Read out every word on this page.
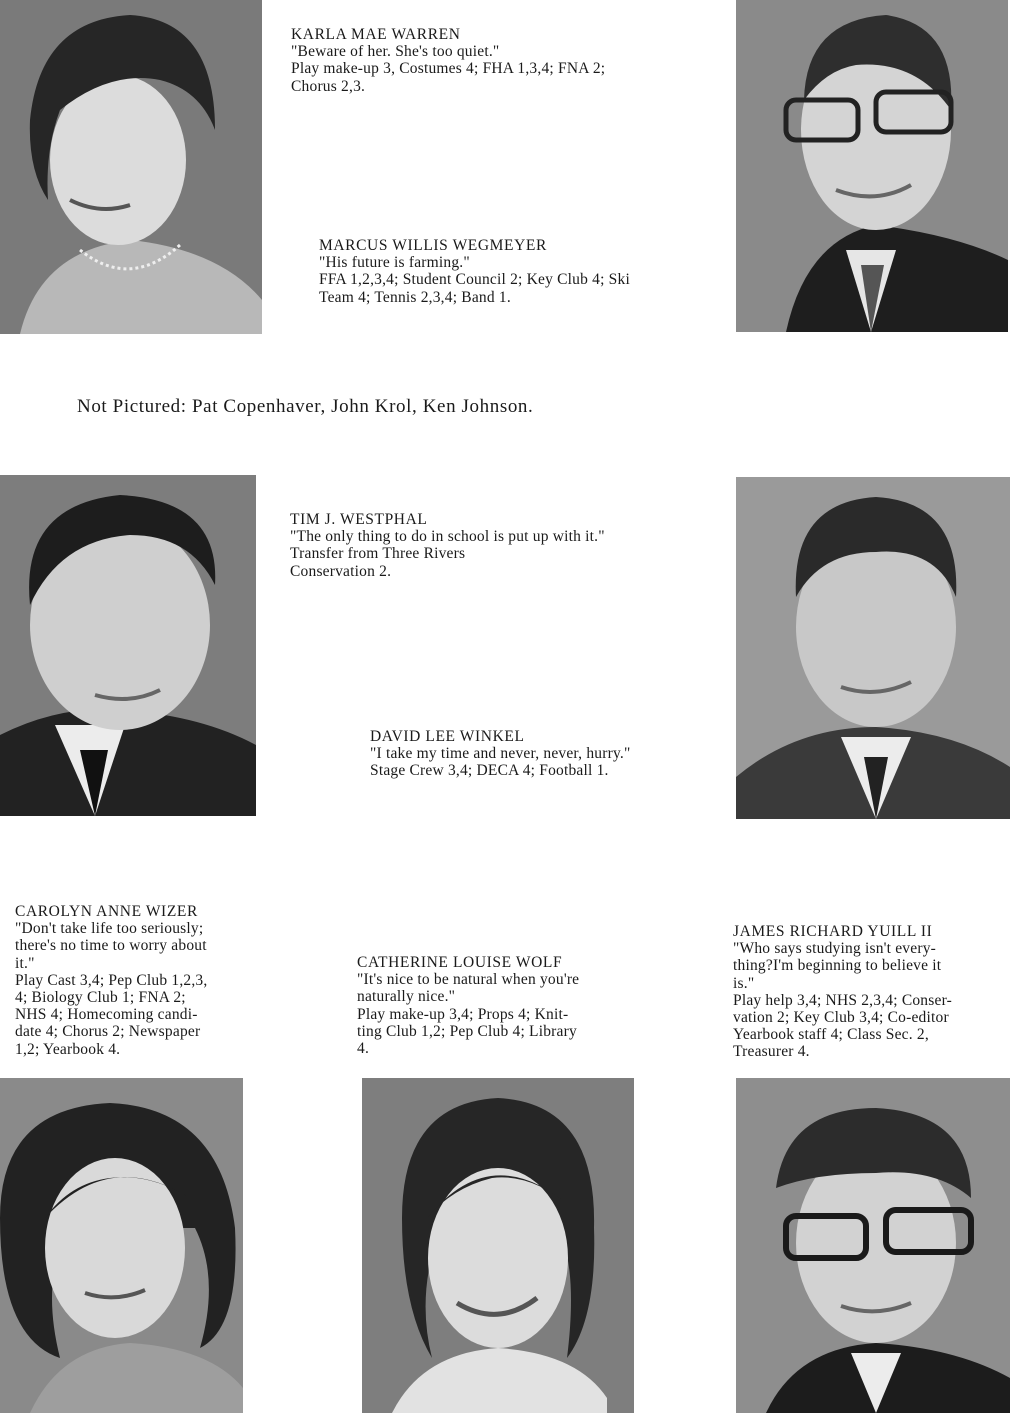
KARLA MAE WARREN
"Beware of her. She's too quiet."
Play make-up 3, Costumes 4; FHA 1,3,4; FNA 2;
Chorus 2,3.
MARCUS WILLIS WEGMEYER
"His future is farming."
FFA 1,2,3,4; Student Council 2; Key Club 4; Ski
Team 4; Tennis 2,3,4; Band 1.
Not Pictured: Pat Copenhaver, John Krol, Ken Johnson.
TIM J. WESTPHAL
"The only thing to do in school is put up with it."
Transfer from Three Rivers
Conservation 2.
DAVID LEE WINKEL
"I take my time and never, never, hurry."
Stage Crew 3,4; DECA 4; Football 1.
CAROLYN ANNE WIZER
"Don't take life too seriously;
there's no time to worry about
it."
Play Cast 3,4; Pep Club 1,2,3,
4; Biology Club 1; FNA 2;
NHS 4; Homecoming candi-
date 4; Chorus 2; Newspaper
1,2; Yearbook 4.
CATHERINE LOUISE WOLF
"It's nice to be natural when you're
naturally nice."
Play make-up 3,4; Props 4; Knit-
ting Club 1,2; Pep Club 4; Library
4.
JAMES RICHARD YUILL II
"Who says studying isn't every-
thing?I'm beginning to believe it
is."
Play help 3,4; NHS 2,3,4; Conser-
vation 2; Key Club 3,4; Co-editor
Yearbook staff 4; Class Sec. 2,
Treasurer 4.
